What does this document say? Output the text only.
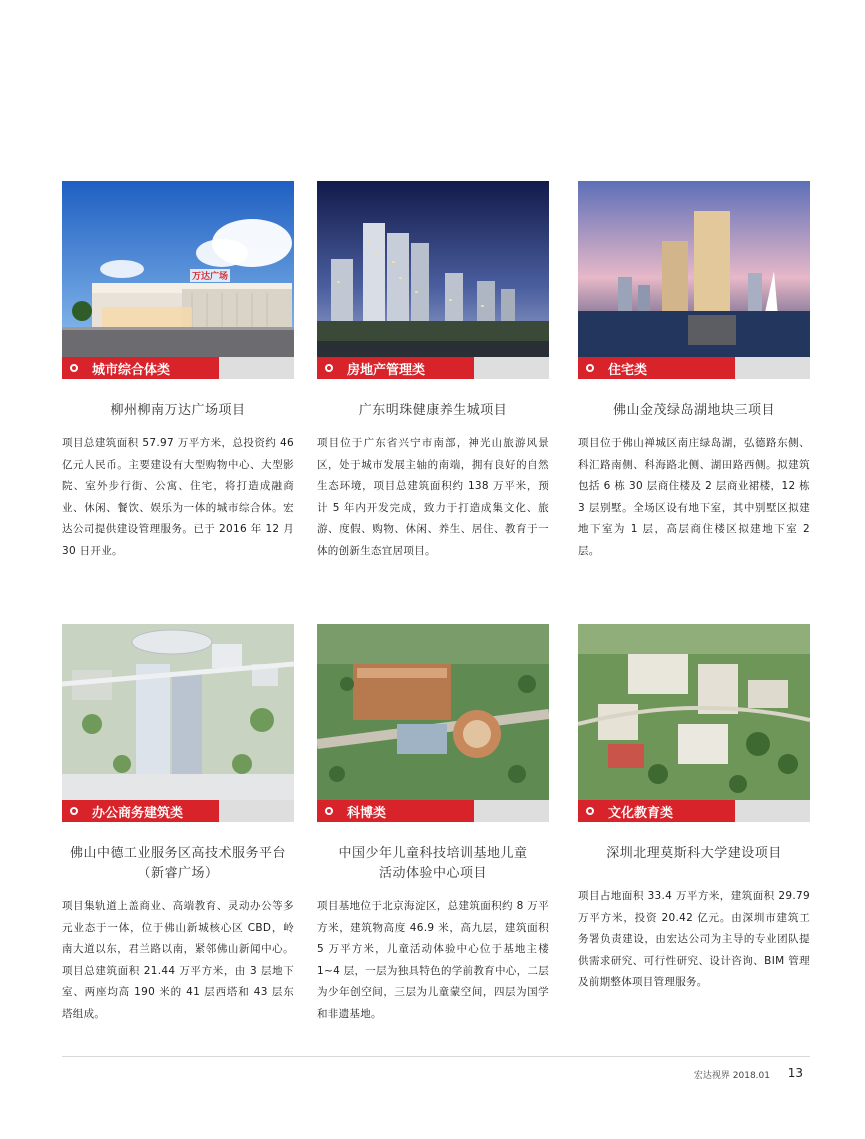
万达广场
城市综合体类
柳州柳南万达广场项目
项目总建筑面积 57.97 万平方米，总投资约 46 亿元人民币。主要建设有大型购物中心、大型影院、室外步行街、公寓、住宅，将打造成融商业、休闲、餐饮、娱乐为一体的城市综合体。宏达公司提供建设管理服务。已于 2016 年 12 月 30 日开业。
房地产管理类
广东明珠健康养生城项目
项目位于广东省兴宁市南部，神光山旅游风景区，处于城市发展主轴的南端，拥有良好的自然生态环境，项目总建筑面积约 138 万平米，预计 5 年内开发完成，致力于打造成集文化、旅游、度假、购物、休闲、养生、居住、教育于一体的创新生态宜居项目。
住宅类
佛山金茂绿岛湖地块三项目
项目位于佛山禅城区南庄绿岛湖，弘德路东侧、科汇路南侧、科海路北侧、湖田路西侧。拟建筑包括 6 栋 30 层商住楼及 2 层商业裙楼，12 栋 3 层别墅。全场区设有地下室，其中别墅区拟建地下室为 1 层，高层商住楼区拟建地下室 2 层。
办公商务建筑类
佛山中德工业服务区高技术服务平台
（新睿广场）
项目集轨道上盖商业、高端教育、灵动办公等多元业态于一体，位于佛山新城核心区 CBD，岭南大道以东，君兰路以南，紧邻佛山新闻中心。项目总建筑面积 21.44 万平方米，由 3 层地下室、两座均高 190 米的 41 层西塔和 43 层东塔组成。
科博类
中国少年儿童科技培训基地儿童
活动体验中心项目
项目基地位于北京海淀区，总建筑面积约 8 万平方米，建筑物高度 46.9 米，高九层，建筑面积 5 万平方米，儿童活动体验中心位于基地主楼 1~4 层，一层为独具特色的学前教育中心，二层为少年创空间，三层为儿童蒙空间，四层为国学和非遗基地。
文化教育类
深圳北理莫斯科大学建设项目
项目占地面积 33.4 万平方米，建筑面积 29.79 万平方米，投资 20.42 亿元。由深圳市建筑工务署负责建设，由宏达公司为主导的专业团队提供需求研究、可行性研究、设计咨询、BIM 管理及前期整体项目管理服务。
宏达视界 2018.01 13
